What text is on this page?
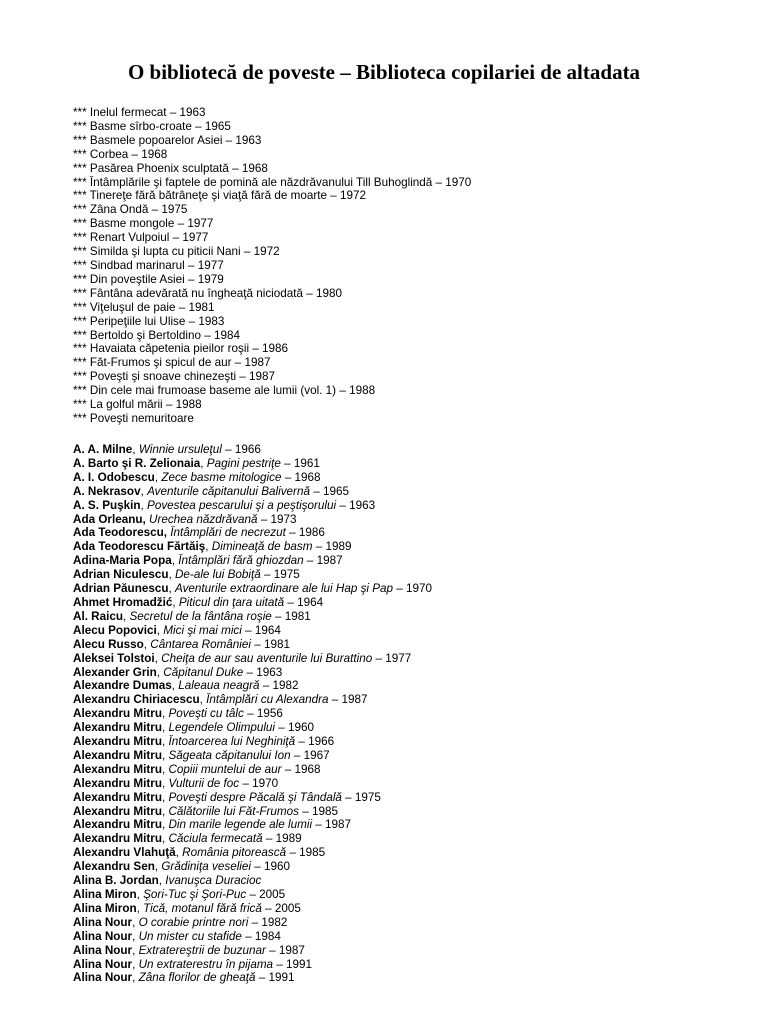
O bibliotecă de poveste – Biblioteca copilariei de altadata
*** Inelul fermecat – 1963
*** Basme sîrbo-croate – 1965
*** Basmele popoarelor Asiei – 1963
*** Corbea – 1968
*** Pasărea Phoenix sculptată – 1968
*** Întâmplările şi faptele de pomină ale năzdrăvanului Till Buhoglindă – 1970
*** Tinereţe fără bătrâneţe şi viaţă fără de moarte – 1972
*** Zâna Ondă – 1975
*** Basme mongole – 1977
*** Renart Vulpoiul – 1977
*** Similda şi lupta cu piticii Nani – 1972
*** Sindbad marinarul – 1977
*** Din poveştile Asiei – 1979
*** Fântâna adevărată nu îngheaţă niciodată – 1980
*** Viţeluşul de paie – 1981
*** Peripeţiile lui Ulise – 1983
*** Bertoldo şi Bertoldino – 1984
*** Havaiata căpetenia pieilor roşii – 1986
*** Făt-Frumos şi spicul de aur – 1987
*** Poveşti şi snoave chinezeşti – 1987
*** Din cele mai frumoase baseme ale lumii (vol. 1) – 1988
*** La golful mării – 1988
*** Poveşti nemuritoare
A. A. Milne, Winnie ursuleţul – 1966
A. Barto şi R. Zelionaia, Pagini pestriţe – 1961
A. I. Odobescu, Zece basme mitologice – 1968
A. Nekrasov, Aventurile căpitanului Balivernă – 1965
A. S. Puşkin, Povestea pescarului şi a peştişorului – 1963
Ada Orleanu, Urechea năzdrăvană – 1973
Ada Teodorescu, Întâmplări de necrezut – 1986
Ada Teodorescu Fărtăiş, Dimineaţă de basm – 1989
Adina-Maria Popa, Întâmplări fără ghiozdan – 1987
Adrian Niculescu, De-ale lui Bobiţă – 1975
Adrian Păunescu, Aventurile extraordinare ale lui Hap şi Pap – 1970
Ahmet Hromadžić, Piticul din ţara uitată – 1964
Al. Raicu, Secretul de la fântâna roşie – 1981
Alecu Popovici, Mici şi mai mici – 1964
Alecu Russo, Cântarea României – 1981
Aleksei Tolstoi, Cheiţa de aur sau aventurile lui Burattino – 1977
Alexander Grin, Căpitanul Duke – 1963
Alexandre Dumas, Laleaua neagră – 1982
Alexandru Chiriacescu, Întâmplări cu Alexandra – 1987
Alexandru Mitru, Poveşti cu tâlc – 1956
Alexandru Mitru, Legendele Olimpului – 1960
Alexandru Mitru, Întoarcerea lui Neghiniţă – 1966
Alexandru Mitru, Săgeata căpitanului Ion – 1967
Alexandru Mitru, Copiii muntelui de aur – 1968
Alexandru Mitru, Vulturii de foc – 1970
Alexandru Mitru, Poveşti despre Păcală şi Tândală – 1975
Alexandru Mitru, Călătoriile lui Făt-Frumos – 1985
Alexandru Mitru, Din marile legende ale lumii – 1987
Alexandru Mitru, Căciula fermecată – 1989
Alexandru Vlahuţă, România pitorească – 1985
Alexandru Sen, Grădiniţa veseliei – 1960
Alina B. Jordan, Ivanuşca Duracioc
Alina Miron, Şori-Tuc şi Şori-Puc – 2005
Alina Miron, Tică, motanul fără frică – 2005
Alina Nour, O corabie printre nori – 1982
Alina Nour, Un mister cu stafide – 1984
Alina Nour, Extratereştrii de buzunar – 1987
Alina Nour, Un extraterestru în pijama – 1991
Alina Nour, Zâna florilor de gheaţă – 1991
